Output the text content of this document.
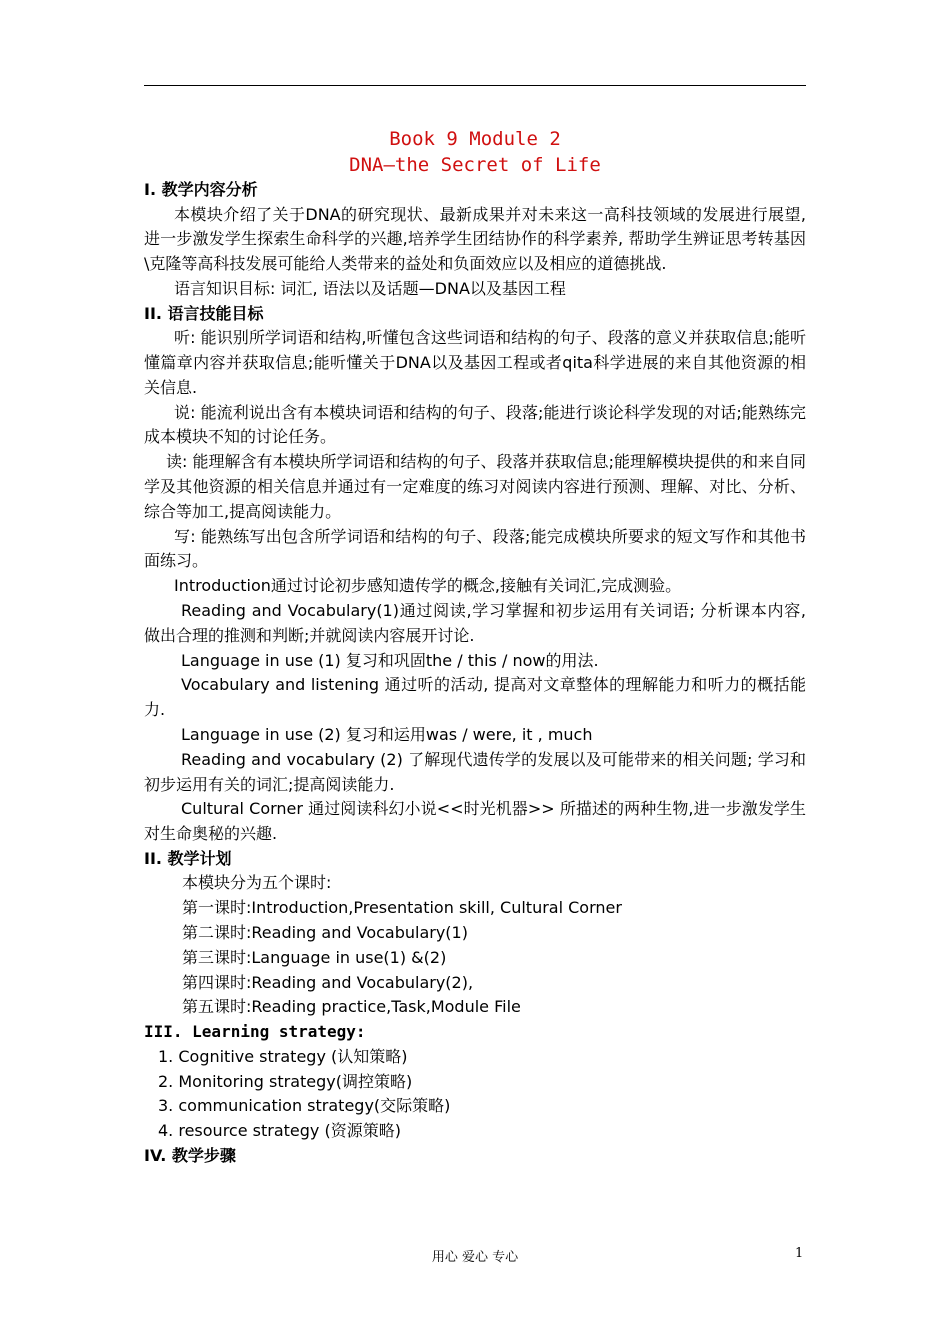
Book 9 Module 2
DNA—the Secret of Life
I. 教学内容分析
本模块介绍了关于DNA的研究现状、最新成果并对未来这一高科技领域的发展进行展望,进一步激发学生探索生命科学的兴趣,培养学生团结协作的科学素养, 帮助学生辨证思考转基因\克隆等高科技发展可能给人类带来的益处和负面效应以及相应的道德挑战.
语言知识目标: 词汇, 语法以及话题—DNA以及基因工程
II. 语言技能目标
听: 能识别所学词语和结构,听懂包含这些词语和结构的句子、段落的意义并获取信息;能听懂篇章内容并获取信息;能听懂关于DNA以及基因工程或者qita科学进展的来自其他资源的相关信息.
说: 能流利说出含有本模块词语和结构的句子、段落;能进行谈论科学发现的对话;能熟练完成本模块不知的讨论任务。
读: 能理解含有本模块所学词语和结构的句子、段落并获取信息;能理解模块提供的和来自同学及其他资源的相关信息并通过有一定难度的练习对阅读内容进行预测、理解、对比、分析、综合等加工,提高阅读能力。
写: 能熟练写出包含所学词语和结构的句子、段落;能完成模块所要求的短文写作和其他书面练习。
Introduction通过讨论初步感知遗传学的概念,接触有关词汇,完成测验。
Reading and Vocabulary(1)通过阅读,学习掌握和初步运用有关词语; 分析课本内容, 做出合理的推测和判断;并就阅读内容展开讨论.
Language in use (1) 复习和巩固the / this / now的用法.
Vocabulary and listening 通过听的活动, 提高对文章整体的理解能力和听力的概括能力.
Language in use (2) 复习和运用was / were, it , much
Reading and vocabulary (2) 了解现代遗传学的发展以及可能带来的相关问题; 学习和初步运用有关的词汇;提高阅读能力.
Cultural Corner 通过阅读科幻小说<<时光机器>> 所描述的两种生物,进一步激发学生对生命奥秘的兴趣.
II. 教学计划
本模块分为五个课时:
第一课时:Introduction,Presentation skill, Cultural Corner
第二课时:Reading and Vocabulary(1)
第三课时:Language in use(1) &(2)
第四课时:Reading and Vocabulary(2),
第五课时:Reading practice,Task,Module File
III. Learning strategy:
1. Cognitive strategy (认知策略)
2. Monitoring strategy(调控策略)
3. communication strategy(交际策略)
4. resource strategy (资源策略)
IV. 教学步骤
用心 爱心 专心	1
